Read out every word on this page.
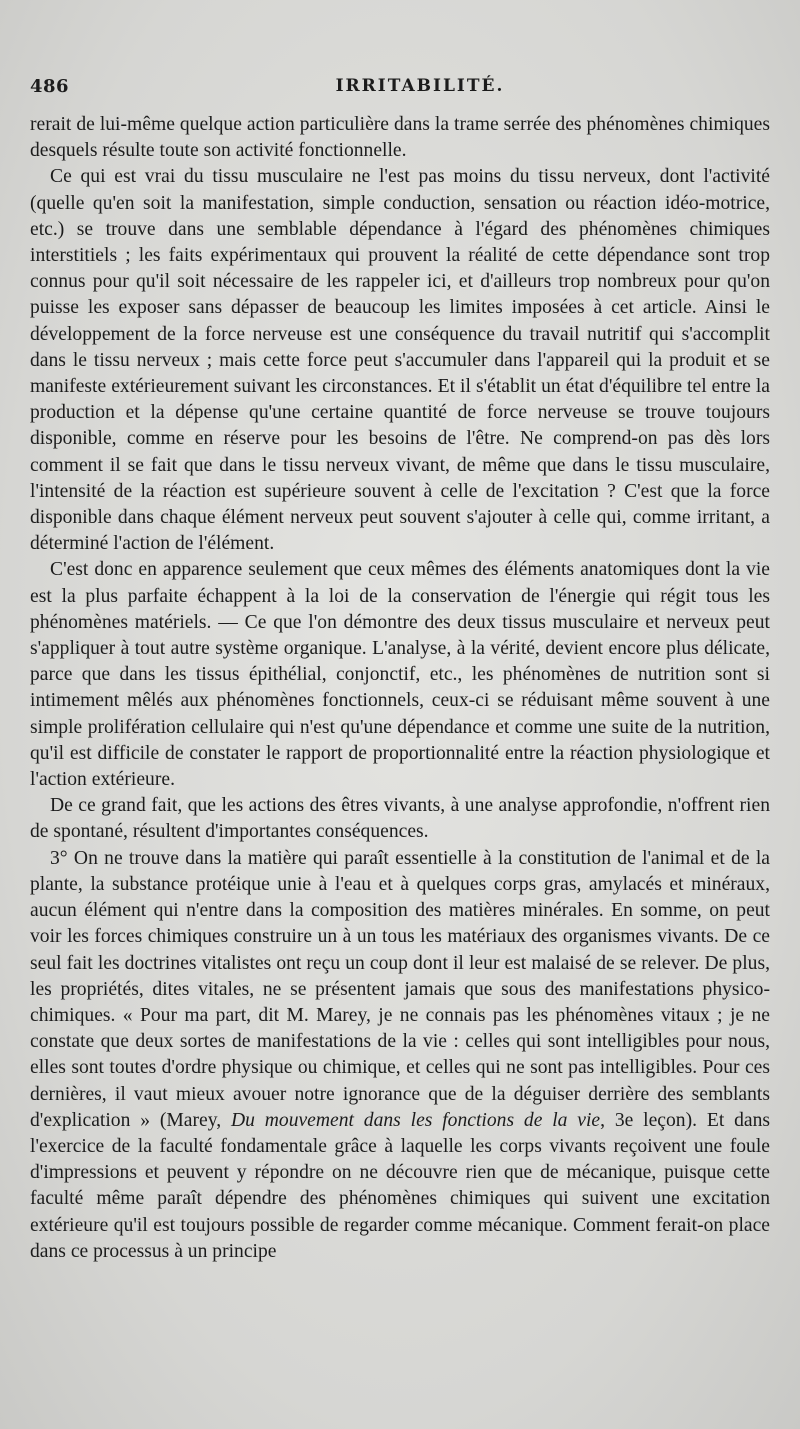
486	IRRITABILITÉ.

rerait de lui-même quelque action particulière dans la trame serrée des phénomènes chimiques desquels résulte toute son activité fonctionnelle.

Ce qui est vrai du tissu musculaire ne l'est pas moins du tissu nerveux, dont l'activité (quelle qu'en soit la manifestation, simple conduction, sensation ou réaction idéo-motrice, etc.) se trouve dans une semblable dépendance à l'égard des phénomènes chimiques interstitiels ; les faits expérimentaux qui prouvent la réalité de cette dépendance sont trop connus pour qu'il soit nécessaire de les rappeler ici, et d'ailleurs trop nombreux pour qu'on puisse les exposer sans dépasser de beaucoup les limites imposées à cet article. Ainsi le développement de la force nerveuse est une conséquence du travail nutritif qui s'accomplit dans le tissu nerveux ; mais cette force peut s'accumuler dans l'appareil qui la produit et se manifeste extérieurement suivant les circonstances. Et il s'établit un état d'équilibre tel entre la production et la dépense qu'une certaine quantité de force nerveuse se trouve toujours disponible, comme en réserve pour les besoins de l'être. Ne comprend-on pas dès lors comment il se fait que dans le tissu nerveux vivant, de même que dans le tissu musculaire, l'intensité de la réaction est supérieure souvent à celle de l'excitation ? C'est que la force disponible dans chaque élément nerveux peut souvent s'ajouter à celle qui, comme irritant, a déterminé l'action de l'élément.

C'est donc en apparence seulement que ceux mêmes des éléments anatomiques dont la vie est la plus parfaite échappent à la loi de la conservation de l'énergie qui régit tous les phénomènes matériels. — Ce que l'on démontre des deux tissus musculaire et nerveux peut s'appliquer à tout autre système organique. L'analyse, à la vérité, devient encore plus délicate, parce que dans les tissus épithélial, conjonctif, etc., les phénomènes de nutrition sont si intimement mêlés aux phénomènes fonctionnels, ceux-ci se réduisant même souvent à une simple prolifération cellulaire qui n'est qu'une dépendance et comme une suite de la nutrition, qu'il est difficile de constater le rapport de proportionnalité entre la réaction physiologique et l'action extérieure.

De ce grand fait, que les actions des êtres vivants, à une analyse approfondie, n'offrent rien de spontané, résultent d'importantes conséquences.

3° On ne trouve dans la matière qui paraît essentielle à la constitution de l'animal et de la plante, la substance protéique unie à l'eau et à quelques corps gras, amylacés et minéraux, aucun élément qui n'entre dans la composition des matières minérales. En somme, on peut voir les forces chimiques construire un à un tous les matériaux des organismes vivants. De ce seul fait les doctrines vitalistes ont reçu un coup dont il leur est malaisé de se relever. De plus, les propriétés, dites vitales, ne se présentent jamais que sous des manifestations physico-chimiques. « Pour ma part, dit M. Marey, je ne connais pas les phénomènes vitaux ; je ne constate que deux sortes de manifestations de la vie : celles qui sont intelligibles pour nous, elles sont toutes d'ordre physique ou chimique, et celles qui ne sont pas intelligibles. Pour ces dernières, il vaut mieux avouer notre ignorance que de la déguiser derrière des semblants d'explication » (Marey, Du mouvement dans les fonctions de la vie, 3e leçon). Et dans l'exercice de la faculté fondamentale grâce à laquelle les corps vivants reçoivent une foule d'impressions et peuvent y répondre on ne découvre rien que de mécanique, puisque cette faculté même paraît dépendre des phénomènes chimiques qui suivent une excitation extérieure qu'il est toujours possible de regarder comme mécanique. Comment ferait-on place dans ce processus à un principe
